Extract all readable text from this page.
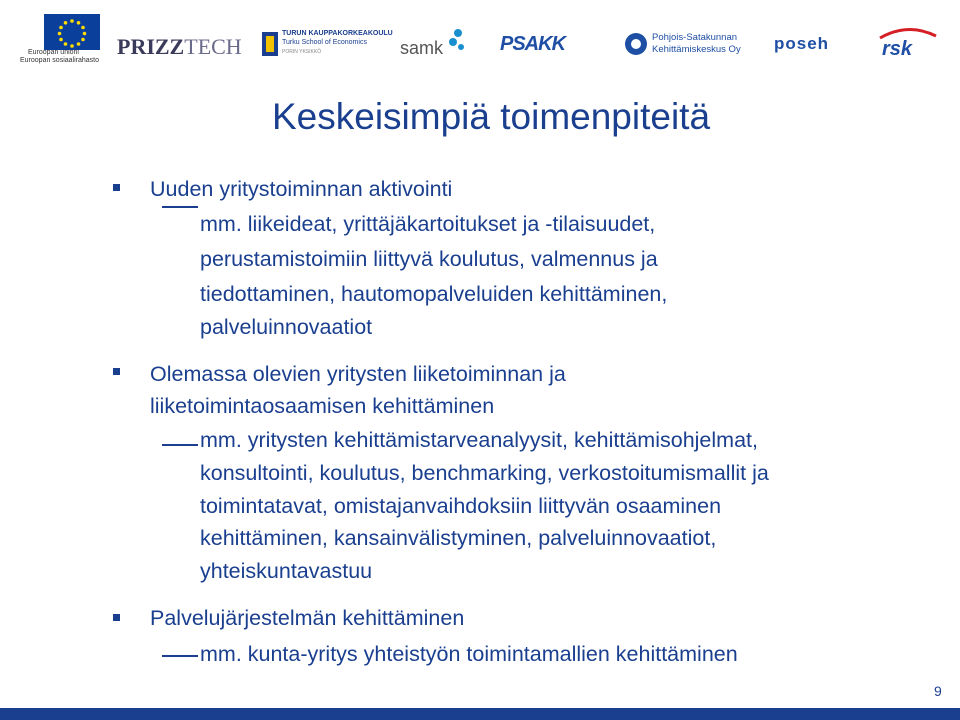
Euroopan unioni
Euroopan sosiaalirahasto
PRIZZTECH
TURUN KAUPPAKORKEAKOULU
Turku School of Economics
PORIN YKSIKKÖ	samk	PSAKK	Pohjois-Satakunnan
Kehittämiskeskus Oy poseh	rsk
Keskeisimpiä toimenpiteitä
Uuden yritystoiminnan aktivointi
mm. liikeideat, yrittäjäkartoitukset ja -tilaisuudet,
perustamistoimiin liittyvä koulutus, valmennus ja
tiedottaminen, hautomopalveluiden kehittäminen,
palveluinnovaatiot
Olemassa olevien yritysten liiketoiminnan ja
liiketoimintaosaamisen kehittäminen
mm. yritysten kehittämistarveanalyysit, kehittämisohjelmat,
konsultointi, koulutus, benchmarking, verkostoitumismallit ja
toimintatavat, omistajanvaihdoksiin liittyvän osaaminen
kehittäminen, kansainvälistyminen, palveluinnovaatiot,
yhteiskuntavastuu
Palvelujärjestelmän kehittäminen
mm. kunta-yritys yhteistyön toimintamallien kehittäminen
9
